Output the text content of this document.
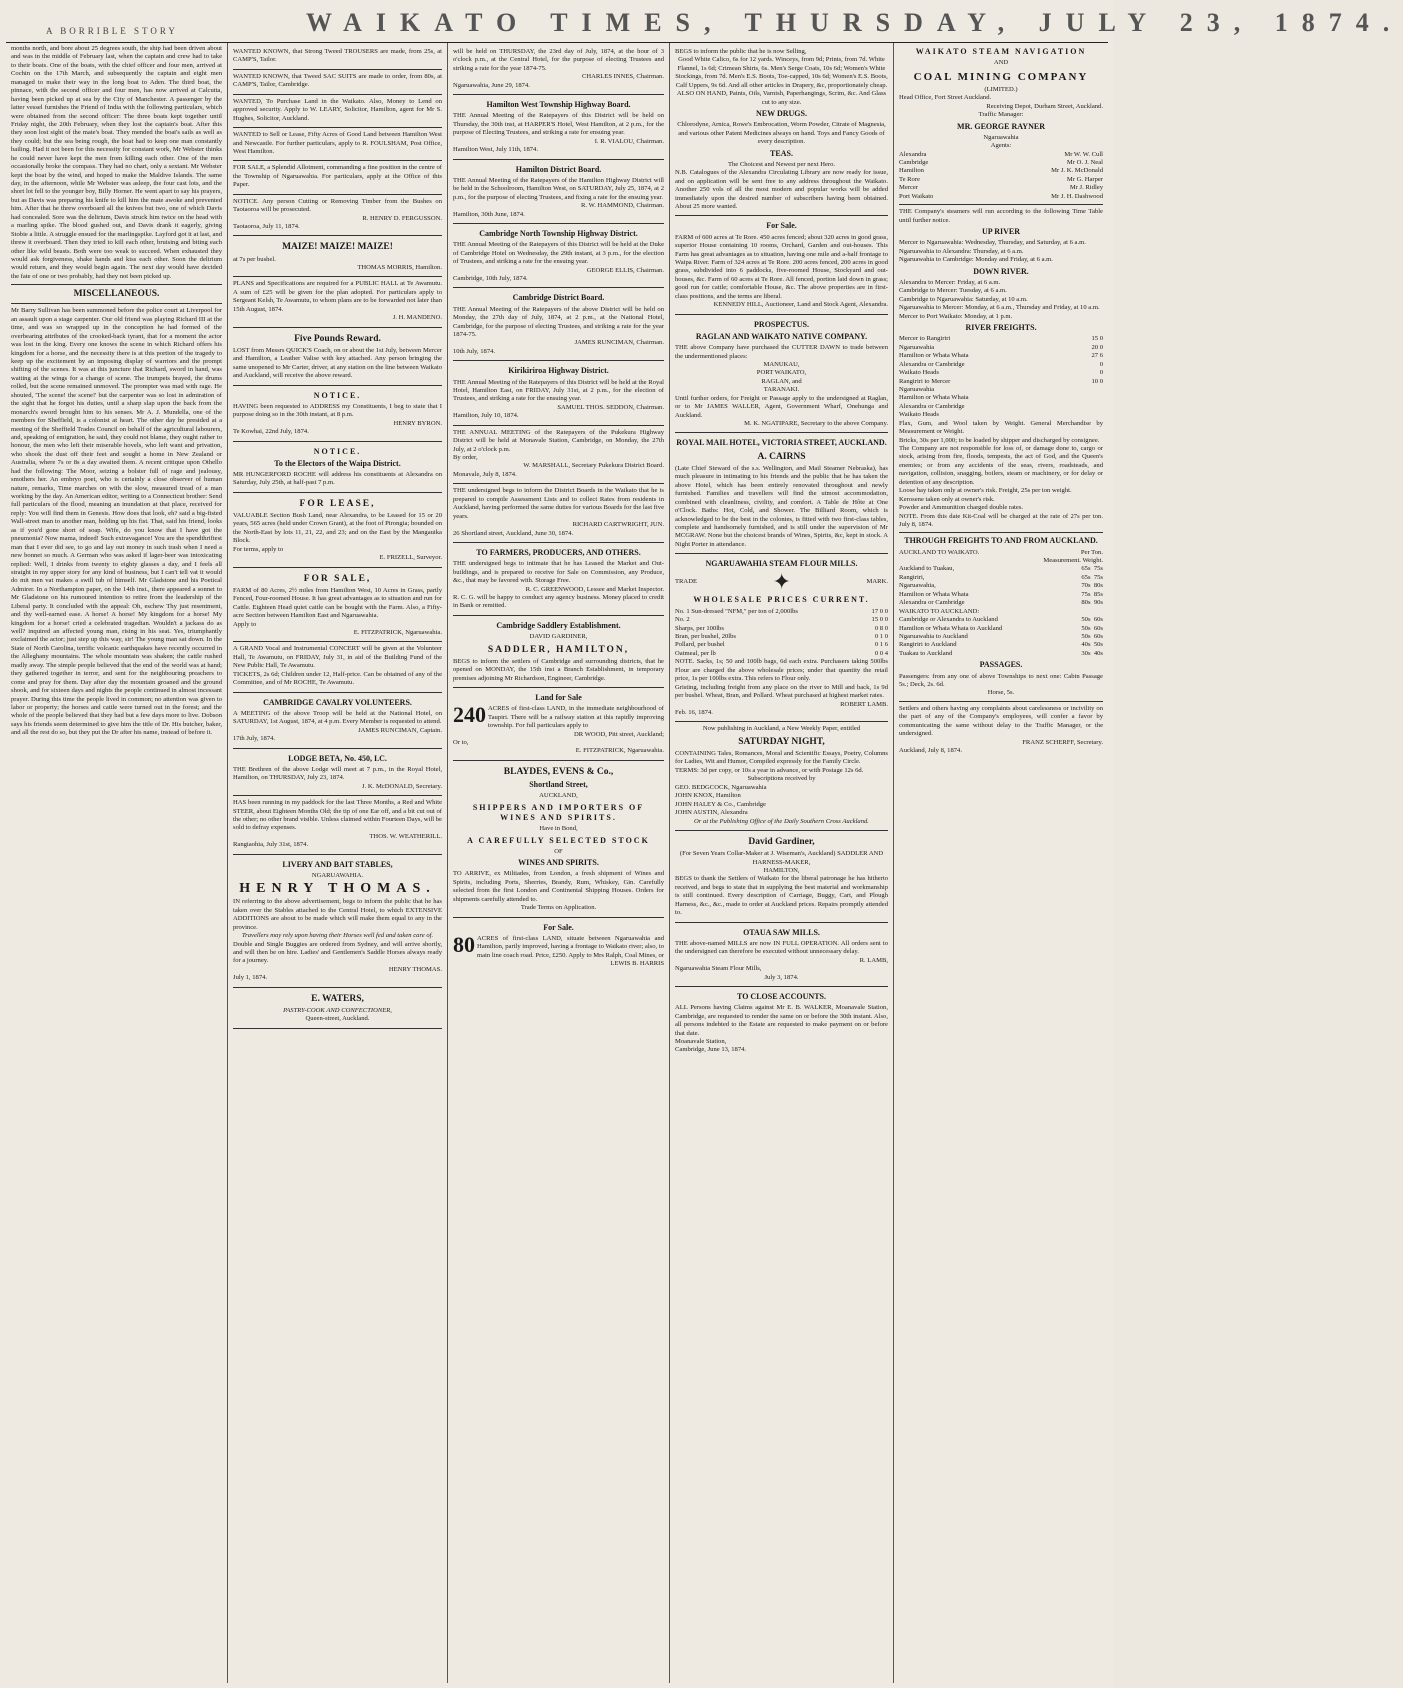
A BORRIBLE STORY	WAIKATO TIMES, THURSDAY, JULY 23, 1874.
months north, and bore about 25 degrees south, the ship had been driven about and was in the middle of February last, when the captain and crew had to take to their boats. One of the boats, with the chief officer and four men, arrived at Cochin on the 17th March, and subsequently the captain and eight men managed to make their way in the long boat to Aden. The third boat, the pinnace, with the second officer and four men, has now arrived at Calcutta, having been picked up at sea by the City of Manchester. A passenger by the latter vessel furnishes the Friend of India with the following particulars, which were obtained from the second officer: The three boats kept together until Friday night, the 20th February, when they lost the captain's boat. After this they soon lost sight of the mate's boat. They mended the boat's sails as well as they could; but the sea being rough, the boat had to keep one man constantly bailing. Had it not been for this necessity for constant work, Mr Webster thinks he could never have kept the men from killing each other. One of the men occasionally broke the compass. They had no chart, only a sextant. Mr Webster kept the boat by the wind, and hoped to make the Maldive Islands. The same day, in the afternoon, while Mr Webster was asleep, the four cast lots, and the short lot fell to the younger boy, Billy Horner. He went apart to say his prayers, but as Davis was preparing his knife to kill him the mate awoke and prevented him. After that he threw overboard all the knives but two, one of which Davis had concealed. Sore was the delirium, Davis struck him twice on the head with a marling spike. The blood gushed out, and Davis drank it eagerly, giving Stobie a little. A struggle ensued for the marlingspike. Layford got it at last, and threw it overboard. Then they tried to kill each other, bruising and biting each other like wild beasts. Both were too weak to succeed. When exhausted they would ask forgiveness, shake hands and kiss each other. Soon the delirium would return, and they would begin again. The next day would have decided the fate of one or two probably, had they not been picked up.
MISCELLANEOUS.
Mr Barry Sullivan has been summoned before the police court at Liverpool for an assault upon a stage carpenter. Our old friend was playing Richard III at the time, and was so wrapped up in the conception he had formed of the overbearing attributes of the crooked-back tyrant, that for a moment the actor was lost in the king. Every one knows the scene in which Richard offers his kingdom for a horse, and the necessity there is at this portion of the tragedy to keep up the excitement by an imposing display of warriors and the prompt shifting of the scenes. It was at this juncture that Richard, sword in hand, was waiting at the wings for a change of scene. The trumpets brayed, the drums rolled, but the scene remained unmoved. The prompter was mad with rage. He shouted, 'The scene! the scene!' but the carpenter was so lost in admiration of the sight that he forgot his duties, until a sharp slap upon the back from the monarch's sword brought him to his senses. Mr A. J. Mundella, one of the members for Sheffield, is a colonist at heart. The other day he presided at a meeting of the Sheffield Trades Council on behalf of the agricultural labourers, and, speaking of emigration, he said, they could not blame, they ought rather to honour, the men who left their miserable hovels, who left want and privation, who shook the dust off their feet and sought a home in New Zealand or Australia, where 7s or 8s a day awaited them. A recent critique upon Othello had the following: The Moor, seizing a bolster full of rage and jealousy, smothers her. An embryo poet, who is certainly a close observer of human nature, remarks, Time marches on with the slow, measured tread of a man working by the day. An American editor, writing to a Connecticut brother: Send full particulars of the flood, meaning an inundation at that place, received for reply: You will find them in Genesis. How does that look, eh? said a big-fisted Wall-street man to another man, holding up his fist. That, said his friend, looks as if you'd gone short of soap. Wife, do you know that I have got the pneumonia? Now mama, indeed! Such extravagance! You are the spendthriftest man that I ever did see, to go and lay out money in such trash when I need a new bonnet so much. A German who was asked if lager-beer was intoxicating replied: Well, I drinks from twenty to eighty glasses a day, and I feels all straight in my upper story for any kind of business, but I can't tell vat it would do mit men vat makes a swill tub of himself. Mr Gladstone and his Poetical Admirer. In a Northampton paper, on the 14th inst., there appeared a sonnet to Mr Gladstone on his rumoured intention to retire from the leadership of the Liberal party. It concluded with the appeal: Oh, eschew Thy just resentment, and thy well-earned ease. A horse! A horse! My kingdom for a horse! My kingdom for a horse! cried a celebrated tragedian. Wouldn't a jackass do as well? inquired an affected young man, rising in his seat. Yes, triumphantly exclaimed the actor; just step up this way, sir! The young man sat down. In the State of North Carolina, terrific volcanic earthquakes have recently occurred in the Alleghany mountains. The whole mountain was shaken; the cattle rushed madly away. The simple people believed that the end of the world was at hand; they gathered together in terror, and sent for the neighbouring preachers to come and pray for them. Day after day the mountain groaned and the ground shook, and for sixteen days and nights the people continued in almost incessant prayer. During this time the people lived in common; no attention was given to labor or property; the horses and cattle were turned out in the forest; and the whole of the people believed that they had but a few days more to live. Dobson says his friends seem determined to give him the title of Dr. His butcher, baker, and all the rest do so, but they put the Dr after his name, instead of before it.
WANTED KNOWN, that Strong Tweed TROUSERS are made, from 25s, at CAMP'S, Tailor.
WANTED KNOWN, that Tweed SAC SUITS are made to order, from 80s, at CAMP'S, Tailor, Cambridge.
WANTED, To Purchase Land in the Waikato. Also, Money to Lend on approved security. Apply to W. LEARY, Solicitor, Hamilton, agent for Mr S. Hughes, Solicitor, Auckland.
WANTED to Sell or Lease, Fifty Acres of Good Land between Hamilton West and Newcastle. For further particulars, apply to R. FOULSHAM, Post Office, West Hamilton.
FOR SALE, a Splendid Allotment, commanding a fine position in the centre of the Township of Ngaruawahia. For particulars, apply at the Office of this Paper.
NOTICE. Any person Cutting or Removing Timber from the Bushes on Taotaoroa will be prosecuted.
R. HENRY D. FERGUSSON.
Taotaoroa, July 11, 1874.
MAIZE! MAIZE! MAIZE!
at 7s per bushel.
THOMAS MORRIS, Hamilton.
PLANS and Specifications are required for a PUBLIC HALL at Te Awamutu. A sum of £25 will be given for the plan adopted. For particulars apply to Sergeant Kelsh, Te Awamutu, to whom plans are to be forwarded not later than 15th August, 1874.
J. H. MANDENO.
Five Pounds Reward.
LOST from Messrs QUICK'S Coach, on or about the 1st July, between Mercer and Hamilton, a Leather Valise with key attached. Any person bringing the same unopened to Mr Carter, driver, at any station on the line between Waikato and Auckland, will receive the above reward.
NOTICE.
HAVING been requested to ADDRESS my Constituents, I beg to state that I purpose doing so in the 30th instant, at 8 p.m.
HENRY BYRON.
Te Kowhai, 22nd July, 1874.
NOTICE.
To the Electors of the Waipa District.
MR HUNGERFORD ROCHE will address his constituents at Alexandra on Saturday, July 25th, at half-past 7 p.m.
FOR LEASE,
VALUABLE Section Bush Land, near Alexandra, to be Leased for 15 or 20 years, 565 acres (held under Crown Grant), at the foot of Pirongia; bounded on the North-East by lots 11, 21, 22, and 23; and on the East by the Mangauika Block.
For terms, apply to
E. FRIZELL, Surveyor.
FOR SALE,
FARM of 80 Acres, 2½ miles from Hamilton West, 10 Acres in Grass, partly Fenced, Four-roomed House. It has great advantages as to situation and run for Cattle. Eighteen Head quiet cattle can be bought with the Farm. Also, a Fifty-acre Section between Hamilton East and Ngaruawahia.
Apply to
E. FITZPATRICK, Ngaruawahia.
A GRAND Vocal and Instrumental CONCERT will be given at the Volunteer Hall, Te Awamutu, on FRIDAY, July 31, in aid of the Building Fund of the New Public Hall, Te Awamutu.
TICKETS, 2s 6d; Children under 12, Half-price. Can be obtained of any of the Committee, and of Mr ROCHE, Te Awamutu.
CAMBRIDGE CAVALRY VOLUNTEERS.
A MEETING of the above Troop will be held at the National Hotel, on SATURDAY, 1st August, 1874, at 4 p.m. Every Member is requested to attend.
JAMES RUNCIMAN, Captain.
17th July, 1874.
LODGE BETA, No. 450, I.C.
THE Brethren of the above Lodge will meet at 7 p.m., in the Royal Hotel, Hamilton, on THURSDAY, July 23, 1874.
J. K. McDONALD, Secretary.
HAS been running in my paddock for the last Three Months, a Red and White STEER, about Eighteen Months Old; the tip of one Ear off, and a bit cut out of the other; no other brand visible. Unless claimed within Fourteen Days, will be sold to defray expenses.
THOS. W. WEATHERILL.
Rangiaohia, July 31st, 1874.
LIVERY AND BAIT STABLES,
NGARUAWAHIA.
HENRY THOMAS.
IN referring to the above advertisement, begs to inform the public that he has taken over the Stables attached to the Central Hotel, to which EXTENSIVE ADDITIONS are about to be made which will make them equal to any in the province.
Travellers may rely upon having their Horses well fed and taken care of.
Double and Single Buggies are ordered from Sydney, and will arrive shortly, and will then be on hire. Ladies' and Gentlemen's Saddle Horses always ready for a journey.
HENRY THOMAS.
July 1, 1874.
E. WATERS,
PASTRY-COOK AND CONFECTIONER,
Queen-street, Auckland.
will be held on THURSDAY, the 23rd day of July, 1874, at the hour of 3 o'clock p.m., at the Central Hotel, for the purpose of electing Trustees and striking a rate for the year 1874-75.
CHARLES INNES, Chairman.
Ngaruawahia, June 29, 1874.
Hamilton West Township Highway Board.
THE Annual Meeting of the Ratepayers of this District will be held on Thursday, the 30th inst, at HARPER'S Hotel, West Hamilton, at 2 p.m., for the purpose of Electing Trustees, and striking a rate for ensuing year.
I. R. VIALOU, Chairman.
Hamilton West, July 11th, 1874.
Hamilton District Board.
THE Annual Meeting of the Ratepayers of the Hamilton Highway District will be held in the Schoolroom, Hamilton West, on SATURDAY, July 25, 1874, at 2 p.m., for the purpose of electing Trustees, and fixing a rate for the ensuing year.
R. W. HAMMOND, Chairman.
Hamilton, 30th June, 1874.
Cambridge North Township Highway District.
THE Annual Meeting of the Ratepayers of this District will be held at the Duke of Cambridge Hotel on Wednesday, the 29th instant, at 3 p.m., for the election of Trustees, and striking a rate for the ensuing year.
GEORGE ELLIS, Chairman.
Cambridge, 10th July, 1874.
Cambridge District Board.
THE Annual Meeting of the Ratepayers of the above District will be held on Monday, the 27th day of July, 1874, at 2 p.m., at the National Hotel, Cambridge, for the purpose of electing Trustees, and striking a rate for the year 1874-75.
JAMES RUNCIMAN, Chairman.
10th July, 1874.
Kirikiriroa Highway District.
THE Annual Meeting of the Ratepayers of this District will be held at the Royal Hotel, Hamilton East, on FRIDAY, July 31st, at 2 p.m., for the election of Trustees, and striking a rate for the ensuing year.
SAMUEL THOS. SEDDON, Chairman.
Hamilton, July 10, 1874.
THE ANNUAL MEETING of the Ratepayers of the Pukekura Highway District will be held at Monavale Station, Cambridge, on Monday, the 27th July, at 2 o'clock p.m.
By order,
W. MARSHALL, Secretary Pukekura District Board.
Monavale, July 8, 1874.
THE undersigned begs to inform the District Boards in the Waikato that he is prepared to compile Assessment Lists and to collect Rates from residents in Auckland, having performed the same duties for various Boards for the last five years.
RICHARD CARTWRIGHT, JUN.
26 Shortland street, Auckland, June 30, 1874.
TO FARMERS, PRODUCERS, AND OTHERS.
THE undersigned begs to intimate that he has Leased the Market and Out-buildings, and is prepared to receive for Sale on Commission, any Produce, &c., that may be favored with. Storage Free.
R. C. GREENWOOD, Lessee and Market Inspector.
R. C. G. will be happy to conduct any agency business. Money placed to credit in Bank or remitted.
Cambridge Saddlery Establishment.
DAVID GARDINER,
SADDLER, HAMILTON,
BEGS to inform the settlers of Cambridge and surrounding districts, that he opened on MONDAY, the 15th inst a Branch Establishment, in temporary premises adjoining Mr Richardson, Engineer, Cambridge.
Land for Sale
240 ACRES of first-class LAND, in the immediate neighbourhood of Taupiri. There will be a railway station at this rapidly improving township. For full particulars apply to
DR WOOD, Pitt street, Auckland;
Or to,
E. FITZPATRICK, Ngaruawahia.
BLAYDES, EVENS & Co.,
Shortland Street,
AUCKLAND,
SHIPPERS AND IMPORTERS OF WINES AND SPIRITS.
Have in Bond,
A CAREFULLY SELECTED STOCK
OF
WINES AND SPIRITS.
TO ARRIVE, ex Miltiades, from London, a fresh shipment of Wines and Spirits, including Ports, Sherries, Brandy, Rum, Whiskey, Gin. Carefully selected from the first London and Continental Shipping Houses. Orders for shipments carefully attended to.
Trade Terms on Application.
For Sale.
80 ACRES of first-class LAND, situate between Ngaruawahia and Hamilton, partly improved, having a frontage to Waikato river; also, to main line coach road. Price, £250. Apply to Mrs Ralph, Coal Mines, or
LEWIS B. HARRIS
BEGS to inform the public that he is now Selling,
Good White Calico, 6s for 12 yards. Winceys, from 9d; Prints, from 7d. White Flannel, 1s 6d; Crimean Shirts, 6s. Men's Serge Coats, 10s 6d; Women's White Stockings, from 7d. Men's E.S. Boots, Toe-capped, 10s 6d; Women's E.S. Boots, Calf Uppers, 9s 6d. And all other articles in Drapery, &c, proportionately cheap.
ALSO ON HAND, Paints, Oils, Varnish, Paperhangings, Scrim, &c. And Glass cut to any size.
NEW DRUGS.
Chlorodyne, Arnica, Rowe's Embrocation, Worm Powder, Citrate of Magnesia, and various other Patent Medicines always on hand. Toys and Fancy Goods of every description.
TEAS.
The Choicest and Newest per next Hero.
N.B. Catalogues of the Alexandra Circulating Library are now ready for issue, and on application will be sent free to any address throughout the Waikato. Another 250 vols of all the most modern and popular works will be added immediately upon the desired number of subscribers having been obtained. About 25 more wanted.
For Sale.
FARM of 600 acres at Te Rore. 450 acres fenced; about 320 acres in good grass, superior House containing 10 rooms, Orchard, Garden and out-houses. This Farm has great advantages as to situation, having one mile and a-half frontage to Waipa River. Farm of 324 acres at Te Rore. 200 acres fenced, 200 acres in good grass, subdivided into 6 paddocks, five-roomed House, Stockyard and out-houses, &c. Farm of 60 acres at Te Rore. All fenced, portion laid down in grass; good run for cattle; comfortable House, &c. The above properties are in first-class positions, and the terms are liberal.
KENNEDY HILL, Auctioneer, Land and Stock Agent, Alexandra.
PROSPECTUS.
RAGLAN AND WAIKATO NATIVE COMPANY.
THE above Company have purchased the CUTTER DAWN to trade between the undermentioned places:
MANUKAU,
PORT WAIKATO,
RAGLAN, and
TARANAKI.
Until further orders, for Freight or Passage apply to the undersigned at Raglan, or to Mr JAMES WALLER, Agent, Government Wharf, Onehunga and Auckland.
M. K. NGATIPARE, Secretary to the above Company.
ROYAL MAIL HOTEL, VICTORIA STREET, AUCKLAND.
A. CAIRNS
(Late Chief Steward of the s.s. Wellington, and Mail Steamer Nebraska), has much pleasure in intimating to his friends and the public that he has taken the above Hotel, which has been entirely renovated throughout and newly furnished. Families and travellers will find the utmost accommodation, combined with cleanliness, civility, and comfort. A Table de Hôte at One o'Clock. Baths: Hot, Cold, and Shower. The Billiard Room, which is acknowledged to be the best in the colonies, is fitted with two first-class tables, complete and handsomely furnished, and is still under the supervision of Mr MCGRAW. None but the choicest brands of Wines, Spirits, &c, kept in stock. A Night Porter in attendance.
NGARUAWAHIA STEAM FLOUR MILLS.
TRADE	✦	MARK.
WHOLESALE PRICES CURRENT.
No. 1 Sun-dressed "NFM," per ton of 2,000lbs	17 0 0
No. 2	15 0 0
Sharps, per 100lbs	0 8 0
Bran, per bushel, 20lbs	0 1 0
Pollard, per bushel	0 1 6
Oatmeal, per lb	0 0 4
NOTE. Sacks, 1s; 50 and 100lb bags, 6d each extra. Purchasers taking 500lbs Flour are charged the above wholesale prices; under that quantity the retail price, 1s per 100lbs extra. This refers to Flour only.
Gristing, including freight from any place on the river to Mill and back, 1s 9d per bushel. Wheat, Bran, and Pollard. Wheat purchased at highest market rates.
ROBERT LAMB.
Feb. 16, 1874.
Now publishing in Auckland, a New Weekly Paper, entitled
SATURDAY NIGHT,
CONTAINING Tales, Romances, Moral and Scientific Essays, Poetry, Columns for Ladies, Wit and Humor, Compiled expressly for the Family Circle.
TERMS: 3d per copy, or 10s a year in advance, or with Postage 12s 6d.
Subscriptions received by
GEO. BEDGCOCK, Ngaruawahia
JOHN KNOX, Hamilton
JOHN HALEY & Co., Cambridge
JOHN AUSTIN, Alexandra
Or at the Publishing Office of the Daily Southern Cross Auckland.
David Gardiner,
(For Seven Years Collar-Maker at J. Wiseman's, Auckland) SADDLER AND HARNESS-MAKER,
HAMILTON,
BEGS to thank the Settlers of Waikato for the liberal patronage he has hitherto received, and begs to state that in supplying the best material and workmanship is still continued. Every description of Carriage, Buggy, Cart, and Plough Harness, &c., &c., made to order at Auckland prices. Repairs promptly attended to.
OTAUA SAW MILLS.
THE above-named MILLS are now IN FULL OPERATION. All orders sent to the undersigned can therefore be executed without unnecessary delay.
R. LAMB,
Ngaruawahia Steam Flour Mills,
July 3, 1874.
TO CLOSE ACCOUNTS.
ALL Persons having Claims against Mr E. B. WALKER, Moanavale Station, Cambridge, are requested to render the same on or before the 30th instant. Also, all persons indebted to the Estate are requested to make payment on or before that date.
Moanavale Station,
Cambridge, June 13, 1874.
WAIKATO STEAM NAVIGATION
AND
COAL MINING COMPANY
(LIMITED.)
Head Office, Fort Street Auckland.
Receiving Depot, Durham Street, Auckland.
Traffic Manager:
MR. GEORGE RAYNER
Ngaruawahia
Agents:
Alexandra	Mr W. W. Cull
Cambridge	Mr O. J. Neal
Hamilton	Mr J. K. McDonald
Te Rore	Mr G. Harper
Mercer	Mr J. Ridley
Port Waikato	Mr J. H. Dashwood
THE Company's steamers will run according to the following Time Table until further notice.
UP RIVER
Mercer to Ngaruawahia: Wednesday, Thursday, and Saturday, at 6 a.m.
Ngaruawahia to Alexandra: Thursday, at 6 a.m.
Ngaruawahia to Cambridge: Monday and Friday, at 6 a.m.
DOWN RIVER.
Alexandra to Mercer: Friday, at 6 a.m.
Cambridge to Mercer: Tuesday, at 6 a.m.
Cambridge to Ngaruawahia: Saturday, at 10 a.m.
Ngaruawahia to Mercer: Monday, at 6 a.m., Thursday and Friday, at 10 a.m.
Mercer to Port Waikato: Monday, at 1 p.m.
RIVER FREIGHTS.
Mercer to Rangiriri	15 0
Ngaruawahia	20 0
Hamilton or Whata Whata	27 6
Alexandra or Cambridge	0
Waikato Heads	0
Rangiriri to Mercer	10 0
Ngaruawahia
Hamilton or Whata Whata
Alexandra or Cambridge
Waikato Heads
Flax, Gum, and Wool taken by Weight. General Merchandise by Measurement or Weight.
Bricks, 30s per 1,000; to be loaded by shipper and discharged by consignee.
The Company are not responsible for loss of, or damage done to, cargo or stock, arising from fire, floods, tempests, the act of God, and the Queen's enemies; or from any accidents of the seas, rivers, roadsteads, and navigation, collision, snagging, boilers, steam or machinery, or for delay or detention of any description.
Loose hay taken only at owner's risk. Freight, 25s per ton weight.
Kerosene taken only at owner's risk.
Powder and Ammunition charged double rates.
NOTE. From this date Kit-Coal will be charged at the rate of 27s per ton. July 8, 1874.
THROUGH FREIGHTS TO AND FROM AUCKLAND.
AUCKLAND TO WAIKATO.	Per Ton.
Measurement. Weight.
Auckland to Tuakau,	65s 75s
Rangiriri,	65s 75s
Ngaruawahia,	70s 80s
Hamilton or Whata Whata	75s 85s
Alexandra or Cambridge	80s 90s
WAIKATO TO AUCKLAND:
Cambridge or Alexandra to Auckland	50s 60s
Hamilton or Whata Whata to Auckland	50s 60s
Ngaruawahia to Auckland	50s 60s
Rangiriri to Auckland	40s 50s
Tuakau to Auckland	30s 40s
PASSAGES.
Passengers: from any one of above Townships to next one: Cabin Passage 5s.; Deck, 2s. 6d.
Horse, 5s.
Settlers and others having any complaints about carelessness or incivility on the part of any of the Company's employees, will confer a favor by communicating the same without delay to the Traffic Manager, or the undersigned.
FRANZ SCHERFF, Secretary.
Auckland, July 8, 1874.
